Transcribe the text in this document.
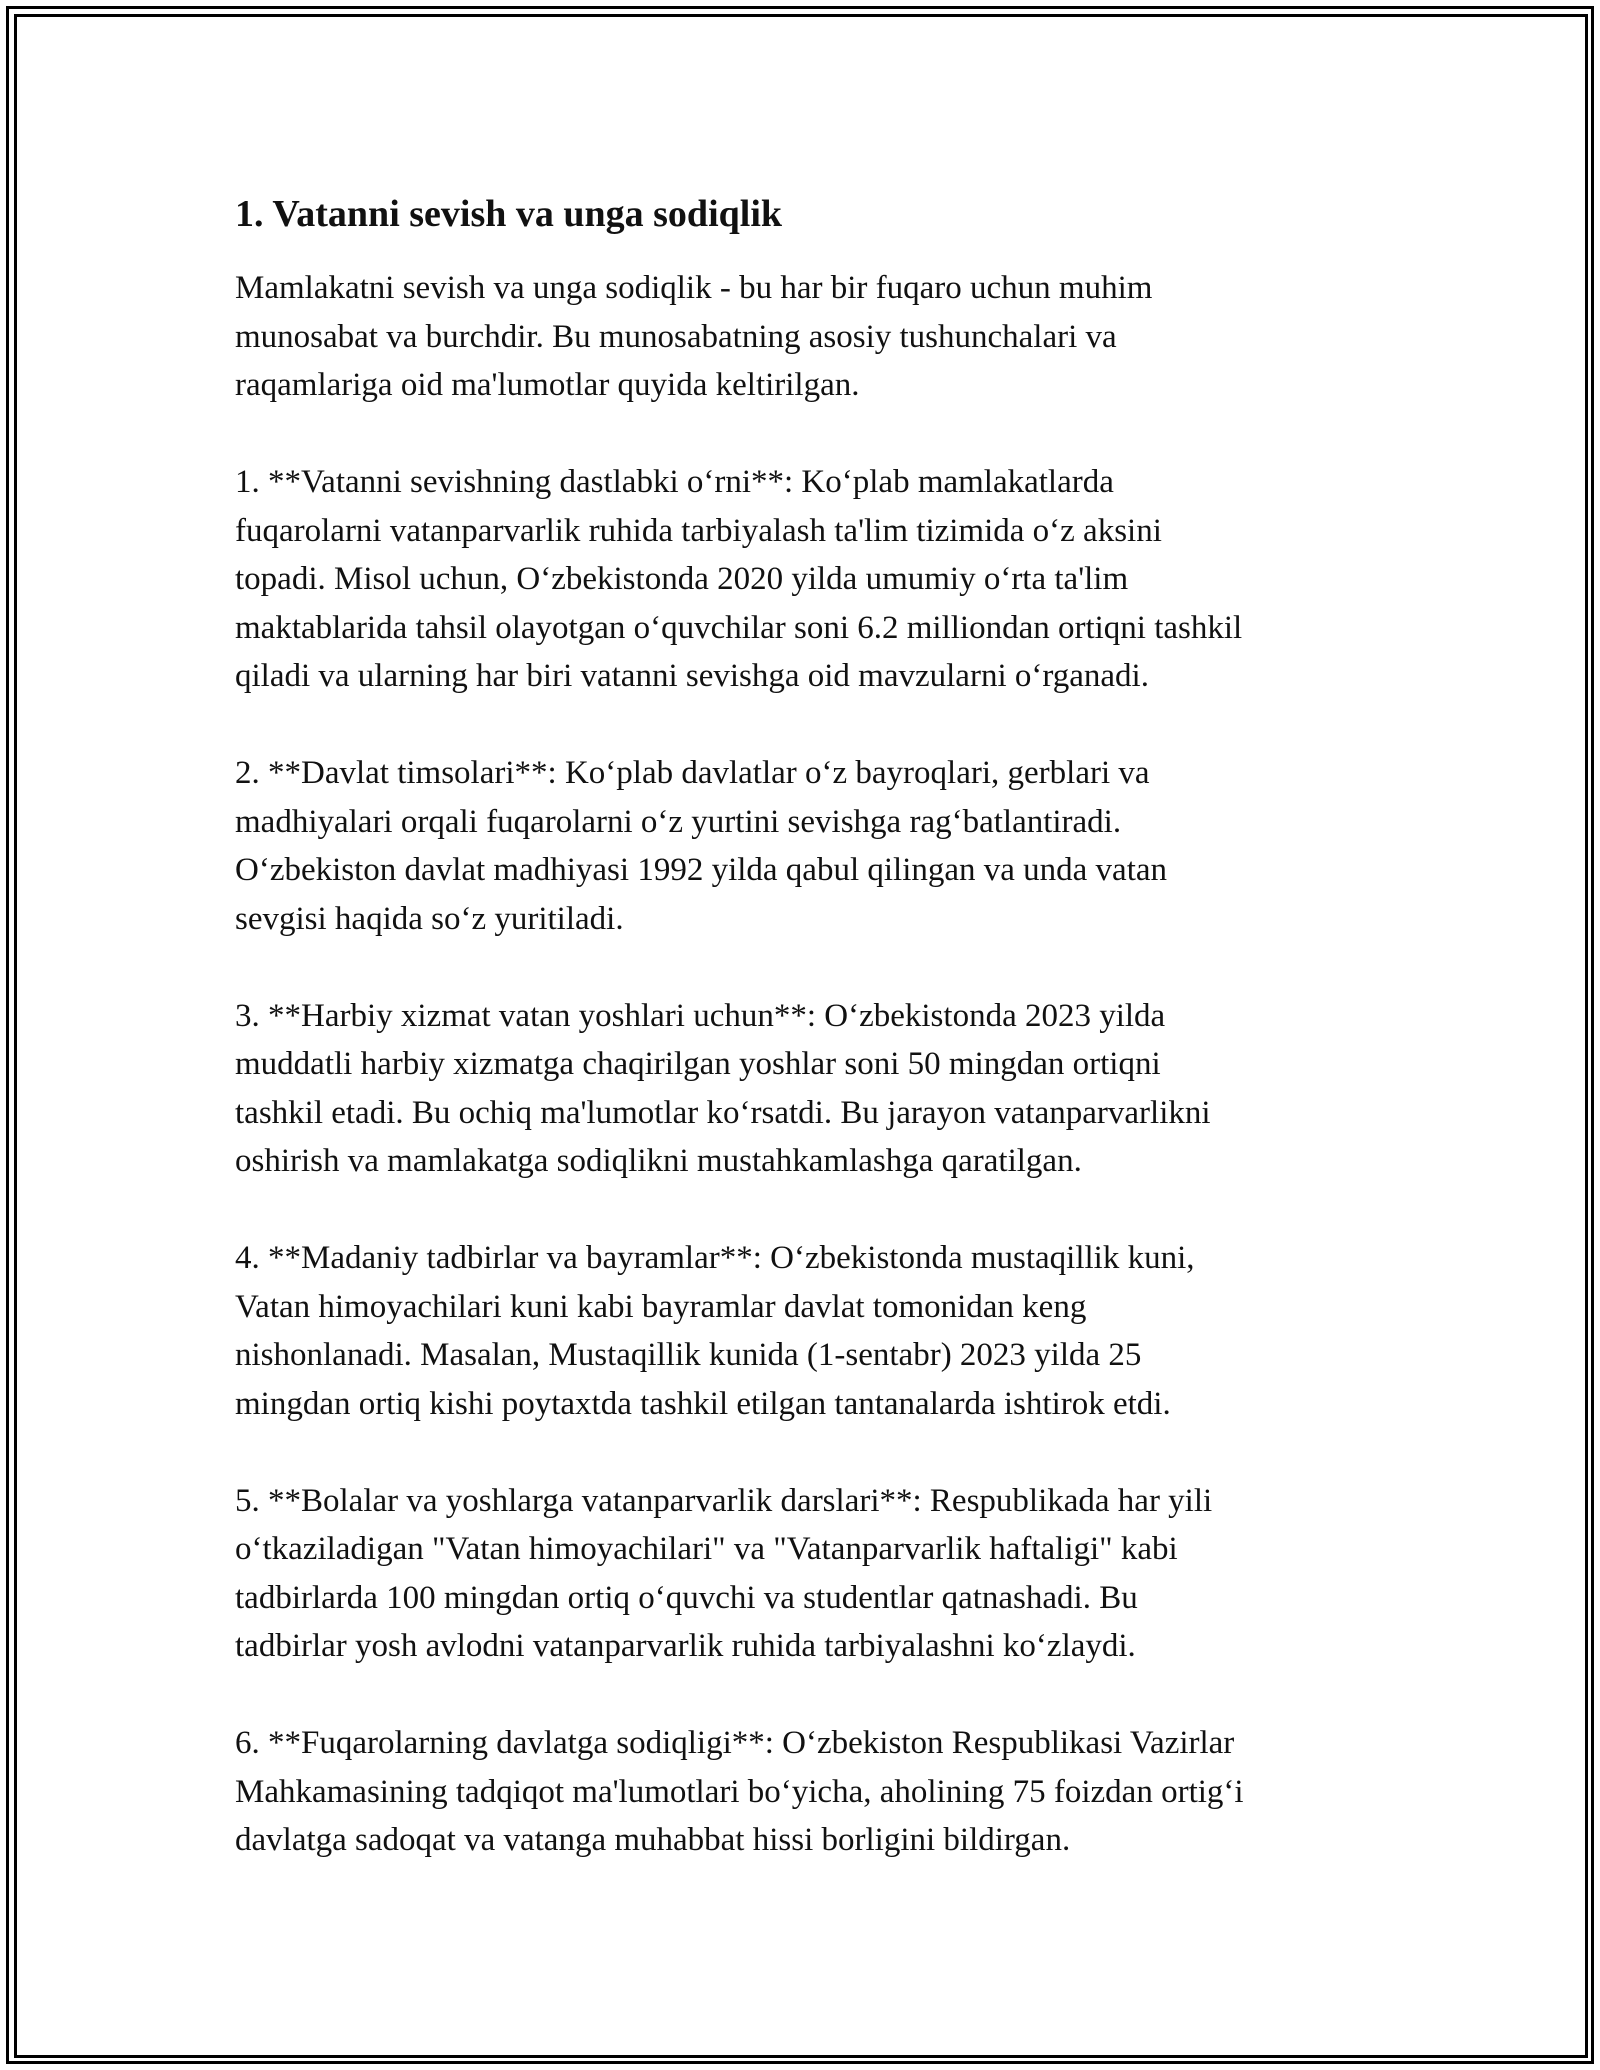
1. Vatanni sevish va unga sodiqlik

Mamlakatni sevish va unga sodiqlik - bu har bir fuqaro uchun muhim
munosabat va burchdir. Bu munosabatning asosiy tushunchalari va
raqamlariga oid ma'lumotlar quyida keltirilgan.

1. **Vatanni sevishning dastlabki oʻrni**: Koʻplab mamlakatlarda
fuqarolarni vatanparvarlik ruhida tarbiyalash ta'lim tizimida oʻz aksini
topadi. Misol uchun, Oʻzbekistonda 2020 yilda umumiy oʻrta ta'lim
maktablarida tahsil olayotgan oʻquvchilar soni 6.2 milliondan ortiqni tashkil
qiladi va ularning har biri vatanni sevishga oid mavzularni oʻrganadi.

2. **Davlat timsolari**: Koʻplab davlatlar oʻz bayroqlari, gerblari va
madhiyalari orqali fuqarolarni oʻz yurtini sevishga ragʻbatlantiradi.
Oʻzbekiston davlat madhiyasi 1992 yilda qabul qilingan va unda vatan
sevgisi haqida soʻz yuritiladi.

3. **Harbiy xizmat vatan yoshlari uchun**: Oʻzbekistonda 2023 yilda
muddatli harbiy xizmatga chaqirilgan yoshlar soni 50 mingdan ortiqni
tashkil etadi. Bu ochiq ma'lumotlar koʻrsatdi. Bu jarayon vatanparvarlikni
oshirish va mamlakatga sodiqlikni mustahkamlashga qaratilgan.

4. **Madaniy tadbirlar va bayramlar**: Oʻzbekistonda mustaqillik kuni,
Vatan himoyachilari kuni kabi bayramlar davlat tomonidan keng
nishonlanadi. Masalan, Mustaqillik kunida (1-sentabr) 2023 yilda 25
mingdan ortiq kishi poytaxtda tashkil etilgan tantanalarda ishtirok etdi.

5. **Bolalar va yoshlarga vatanparvarlik darslari**: Respublikada har yili
oʻtkaziladigan "Vatan himoyachilari" va "Vatanparvarlik haftaligi" kabi
tadbirlarda 100 mingdan ortiq oʻquvchi va studentlar qatnashadi. Bu
tadbirlar yosh avlodni vatanparvarlik ruhida tarbiyalashni koʻzlaydi.

6. **Fuqarolarning davlatga sodiqligi**: Oʻzbekiston Respublikasi Vazirlar
Mahkamasining tadqiqot ma'lumotlari boʻyicha, aholining 75 foizdan ortigʻi
davlatga sadoqat va vatanga muhabbat hissi borligini bildirgan.
